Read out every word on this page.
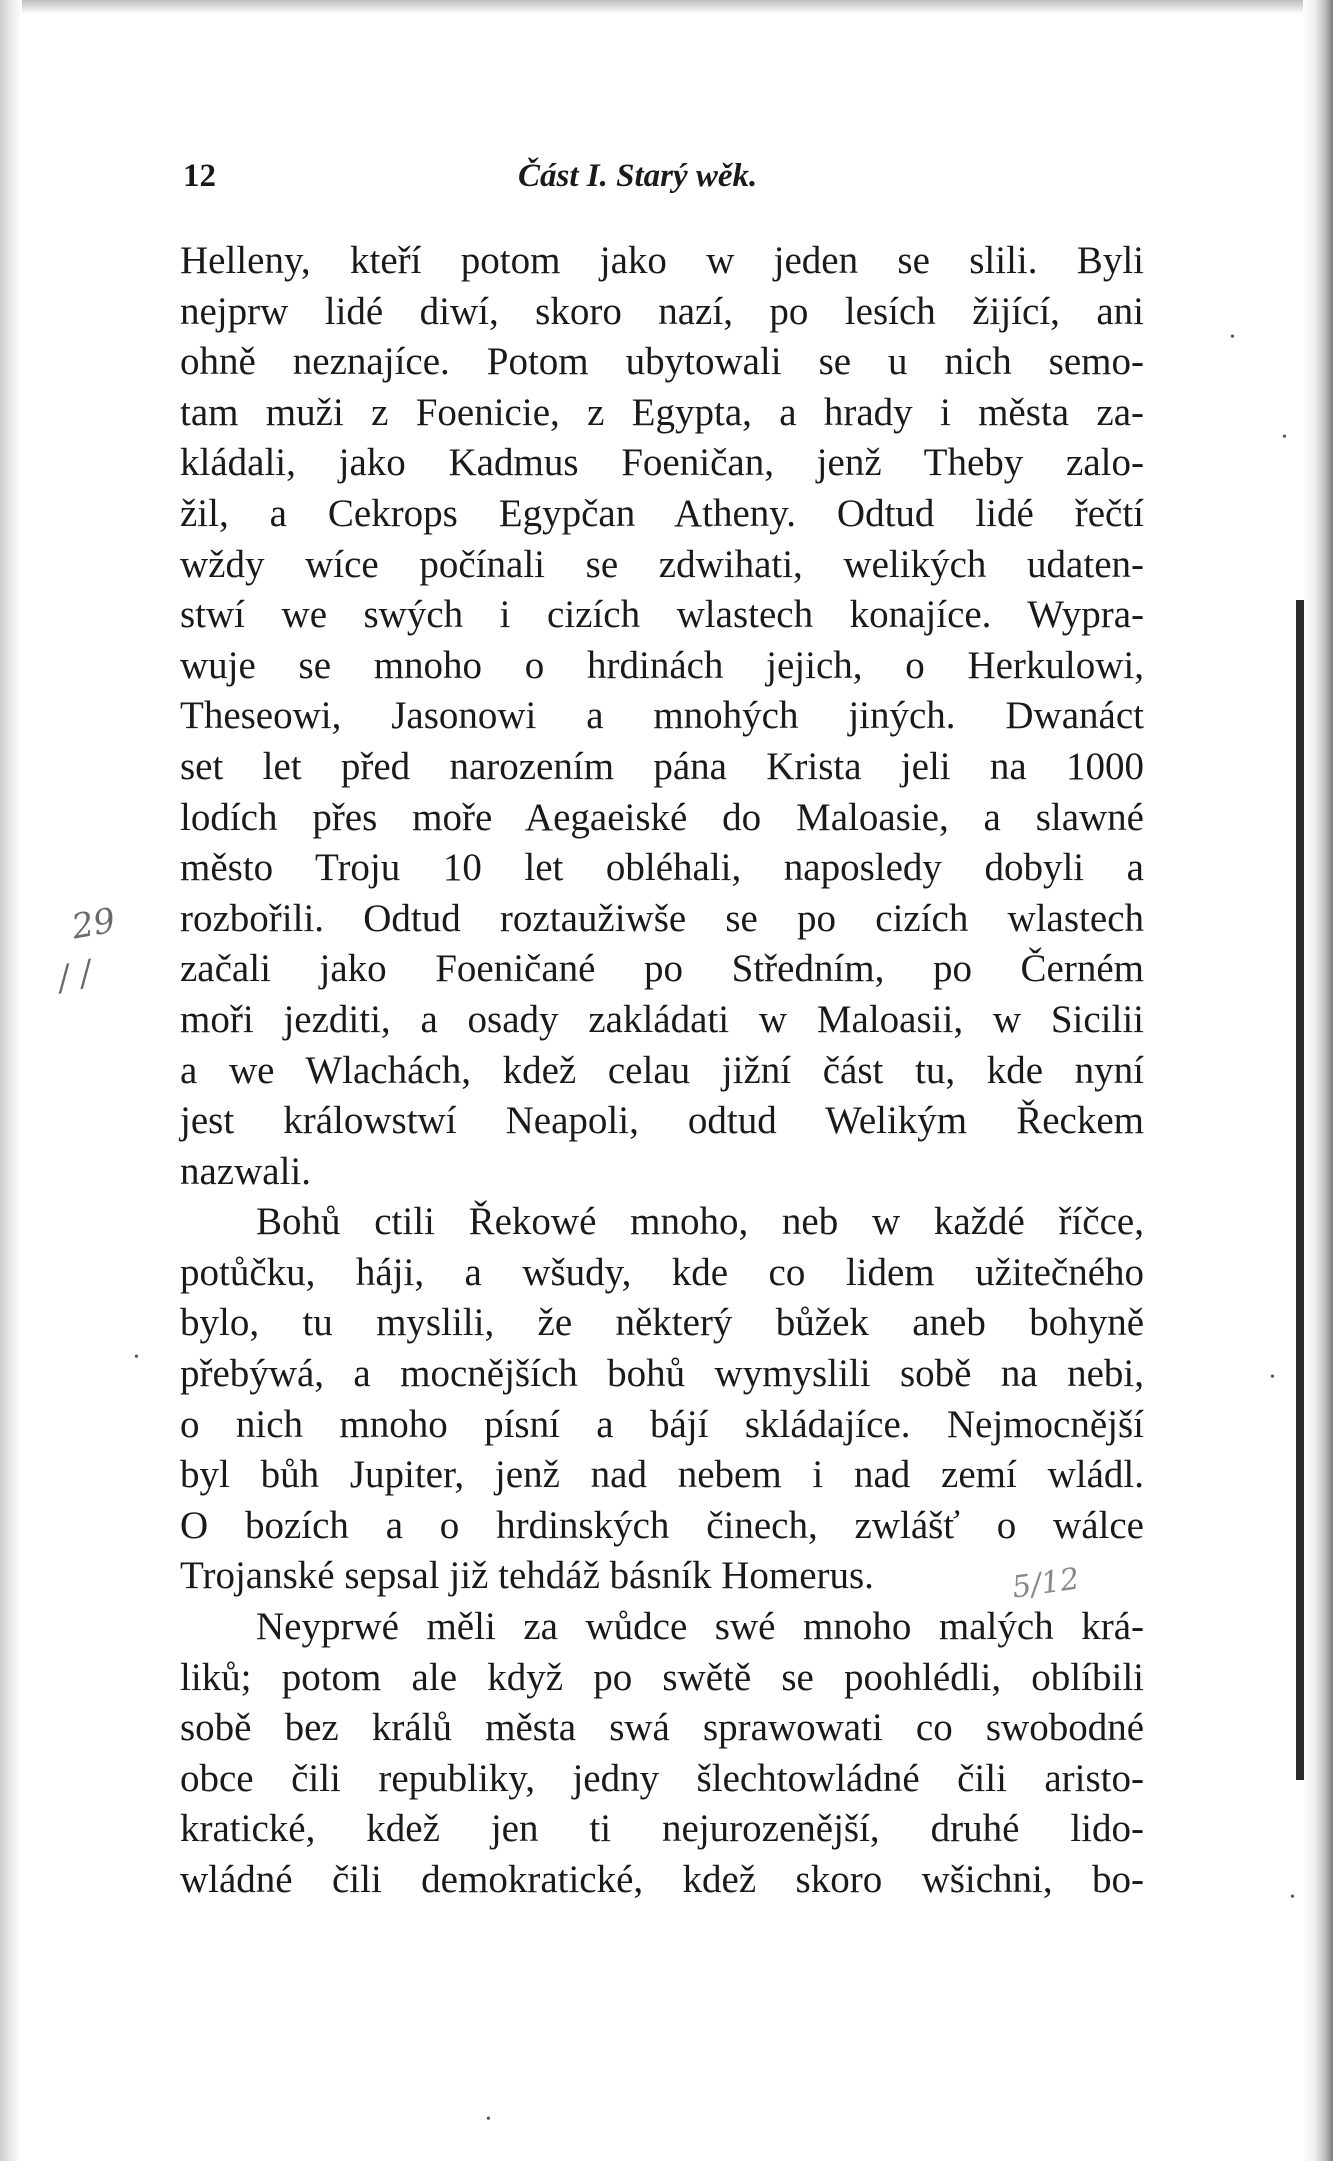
12	Část I. Starý wěk.
29
/ /
Helleny, kteří potom jako w jeden se slili. Byli
nejprw lidé diwí, skoro nazí, po lesích žijící, ani
ohně neznajíce. Potom ubytowali se u nich semo-
tam muži z Foenicie, z Egypta, a hrady i města za-
kládali, jako Kadmus Foeničan, jenž Theby zalo-
žil, a Cekrops Egypčan Atheny. Odtud lidé řečtí
wždy wíce počínali se zdwihati, welikých udaten-
stwí we swých i cizích wlastech konajíce. Wypra-
wuje se mnoho o hrdinách jejich, o Herkulowi,
Theseowi, Jasonowi a mnohých jiných. Dwanáct
set let před narozením pána Krista jeli na 1000
lodích přes moře Aegaeiské do Maloasie, a slawné
město Troju 10 let obléhali, naposledy dobyli a
rozbořili. Odtud roztaužiwše se po cizích wlastech
začali jako Foeničané po Středním, po Černém
moři jezditi, a osady zakládati w Maloasii, w Sicilii
a we Wlachách, kdež celau jižní část tu, kde nyní
jest králowstwí Neapoli, odtud Welikým Řeckem
nazwali.
Bohů ctili Řekowé mnoho, neb w každé říčce,
potůčku, háji, a wšudy, kde co lidem užitečného
bylo, tu myslili, že některý bůžek aneb bohyně
přebýwá, a mocnějších bohů wymyslili sobě na nebi,
o nich mnoho písní a bájí skládajíce. Nejmocnější
byl bůh Jupiter, jenž nad nebem i nad zemí wládl.
O bozích a o hrdinských činech, zwlášť o wálce
Trojanské sepsal již tehdáž básník Homerus.
Neyprwé měli za wůdce swé mnoho malých krá-
liků; potom ale když po swětě se poohlédli, oblíbili
sobě bez králů města swá sprawowati co swobodné
obce čili republiky, jedny šlechtowládné čili aristo-
kratické, kdež jen ti nejurozenější, druhé lido-
wládné čili demokratické, kdež skoro wšichni, bo-
5/12
•
•
•
•
•
•
